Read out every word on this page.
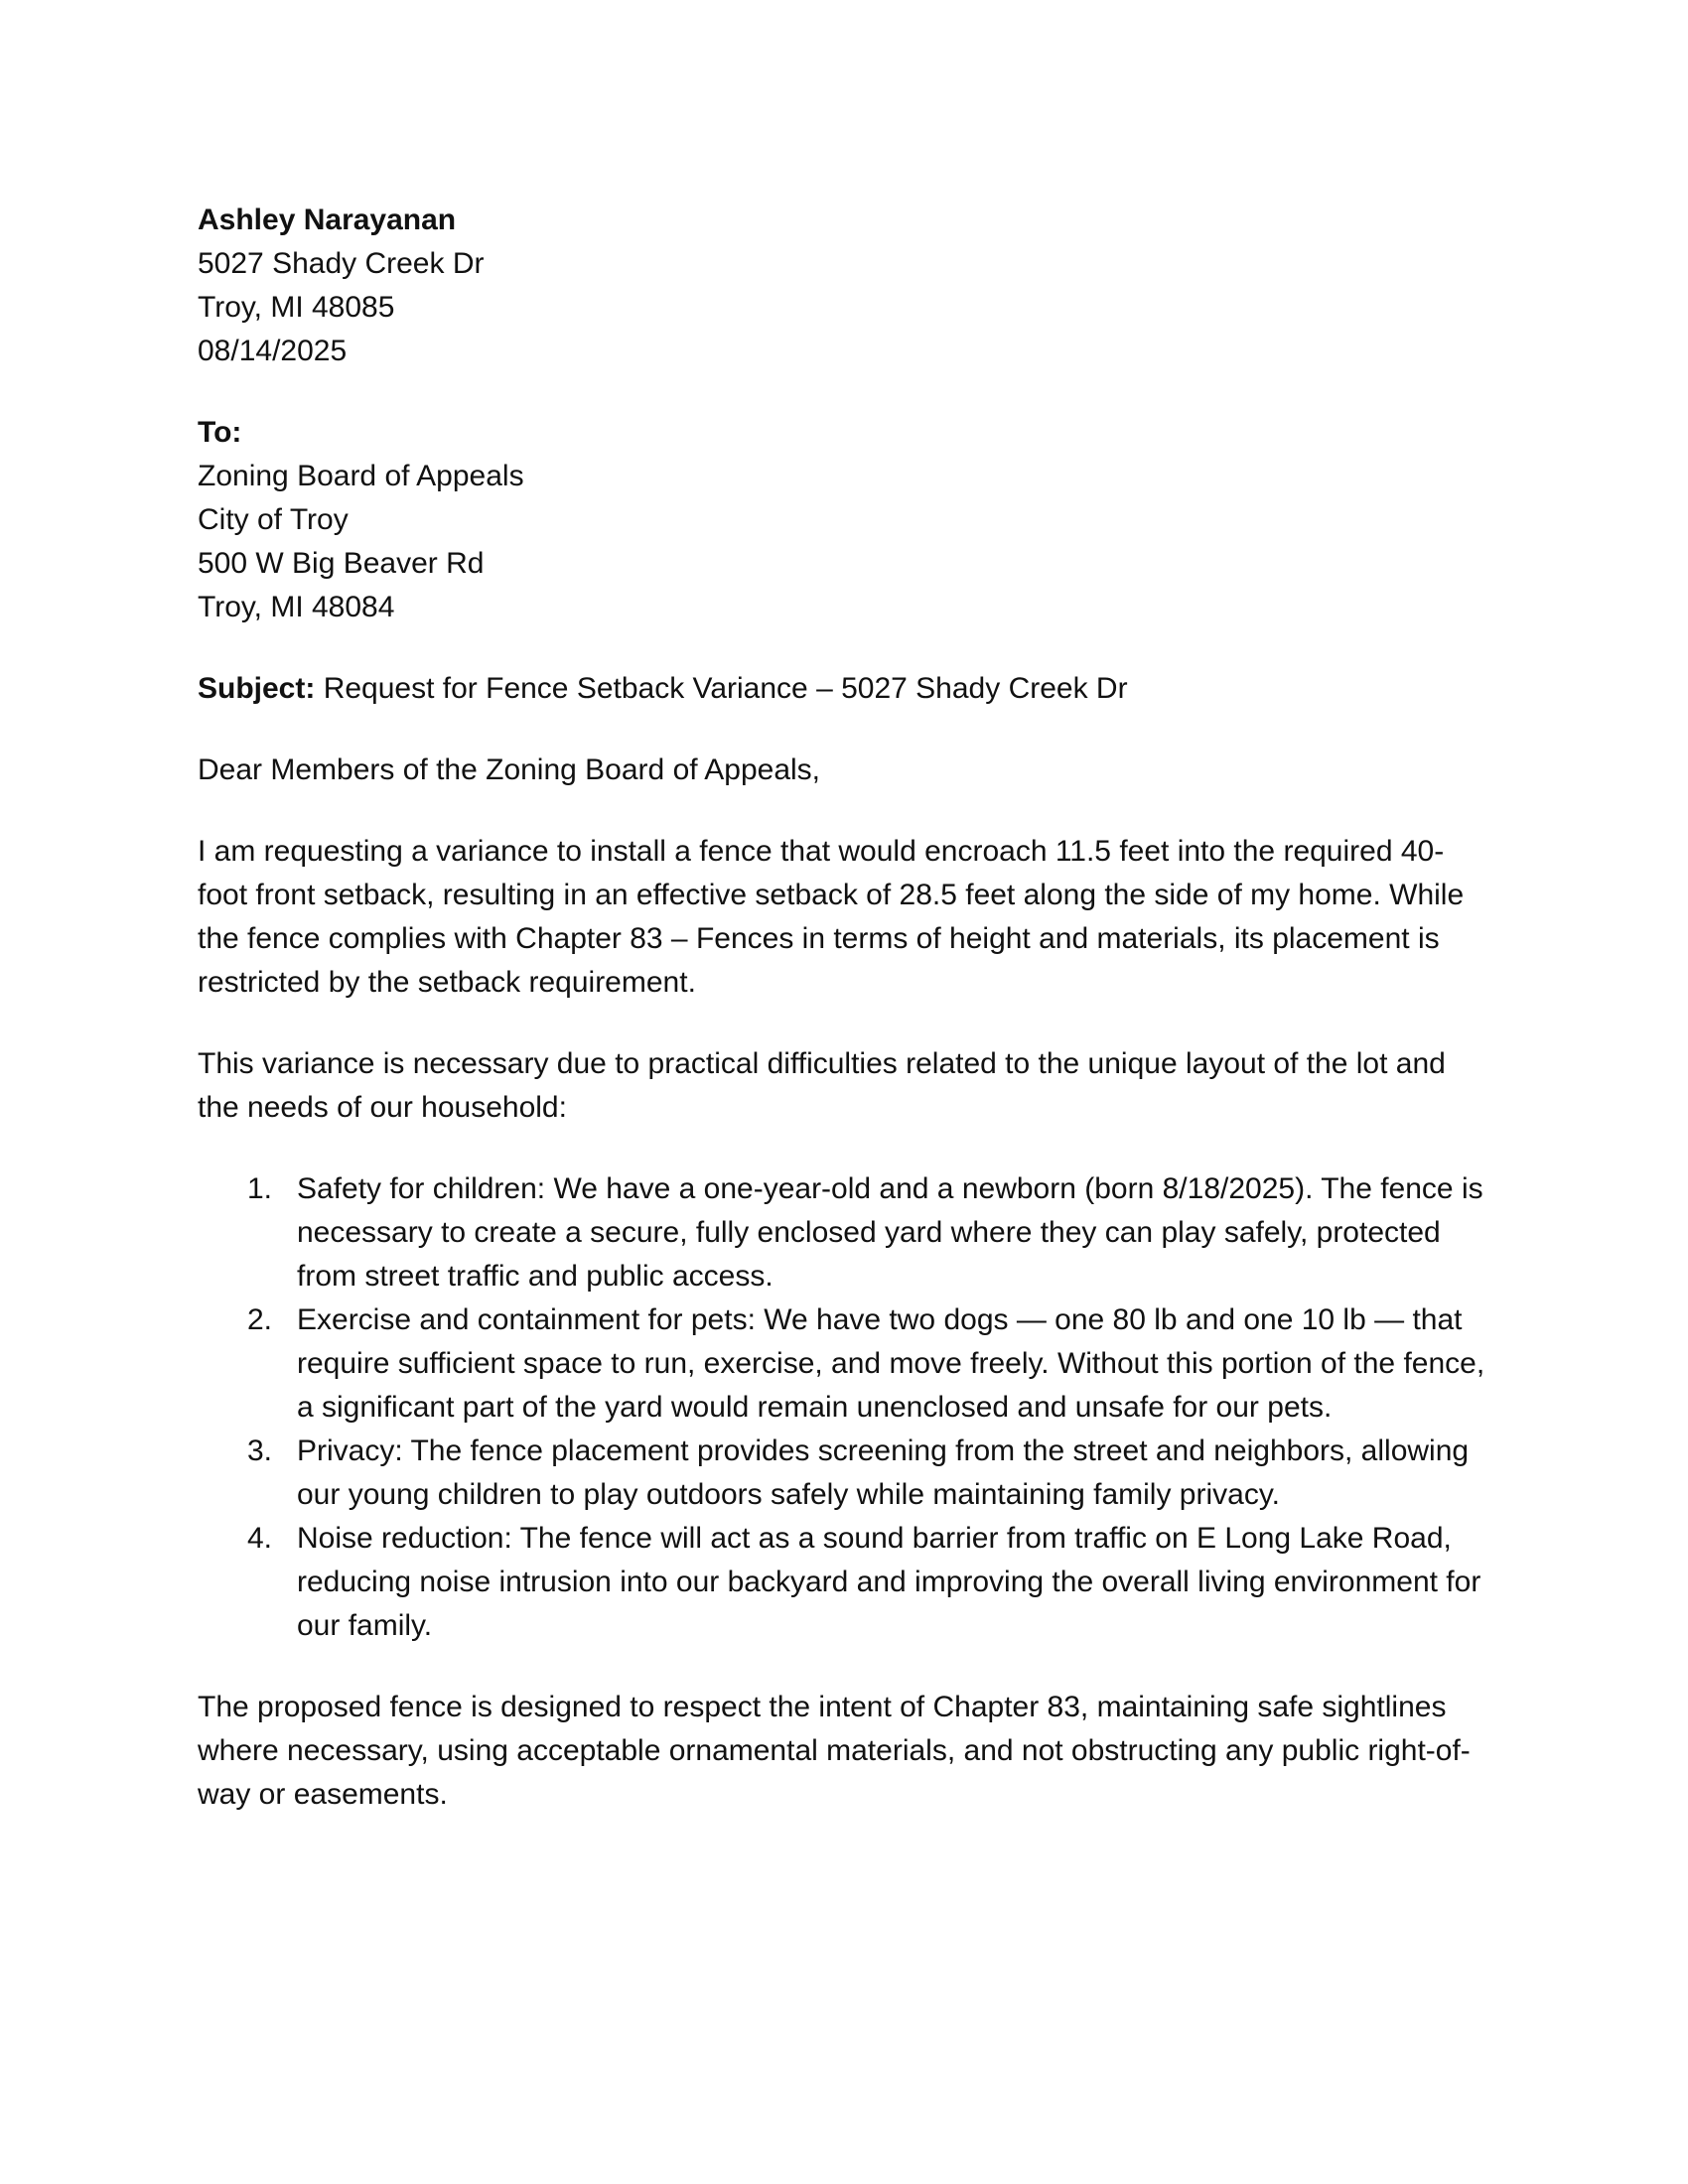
Ashley Narayanan
5027 Shady Creek Dr
Troy, MI 48085
08/14/2025
To:
Zoning Board of Appeals
City of Troy
500 W Big Beaver Rd
Troy, MI 48084

Subject: Request for Fence Setback Variance – 5027 Shady Creek Dr

Dear Members of the Zoning Board of Appeals,

I am requesting a variance to install a fence that would encroach 11.5 feet into the required 40-foot front setback, resulting in an effective setback of 28.5 feet along the side of my home. While the fence complies with Chapter 83 – Fences in terms of height and materials, its placement is restricted by the setback requirement.

This variance is necessary due to practical difficulties related to the unique layout of the lot and the needs of our household:

1. Safety for children: We have a one-year-old and a newborn (born 8/18/2025). The fence is necessary to create a secure, fully enclosed yard where they can play safely, protected from street traffic and public access.
2. Exercise and containment for pets: We have two dogs — one 80 lb and one 10 lb — that require sufficient space to run, exercise, and move freely. Without this portion of the fence, a significant part of the yard would remain unenclosed and unsafe for our pets.
3. Privacy: The fence placement provides screening from the street and neighbors, allowing our young children to play outdoors safely while maintaining family privacy.
4. Noise reduction: The fence will act as a sound barrier from traffic on E Long Lake Road, reducing noise intrusion into our backyard and improving the overall living environment for our family.

The proposed fence is designed to respect the intent of Chapter 83, maintaining safe sightlines where necessary, using acceptable ornamental materials, and not obstructing any public right-of-way or easements.
